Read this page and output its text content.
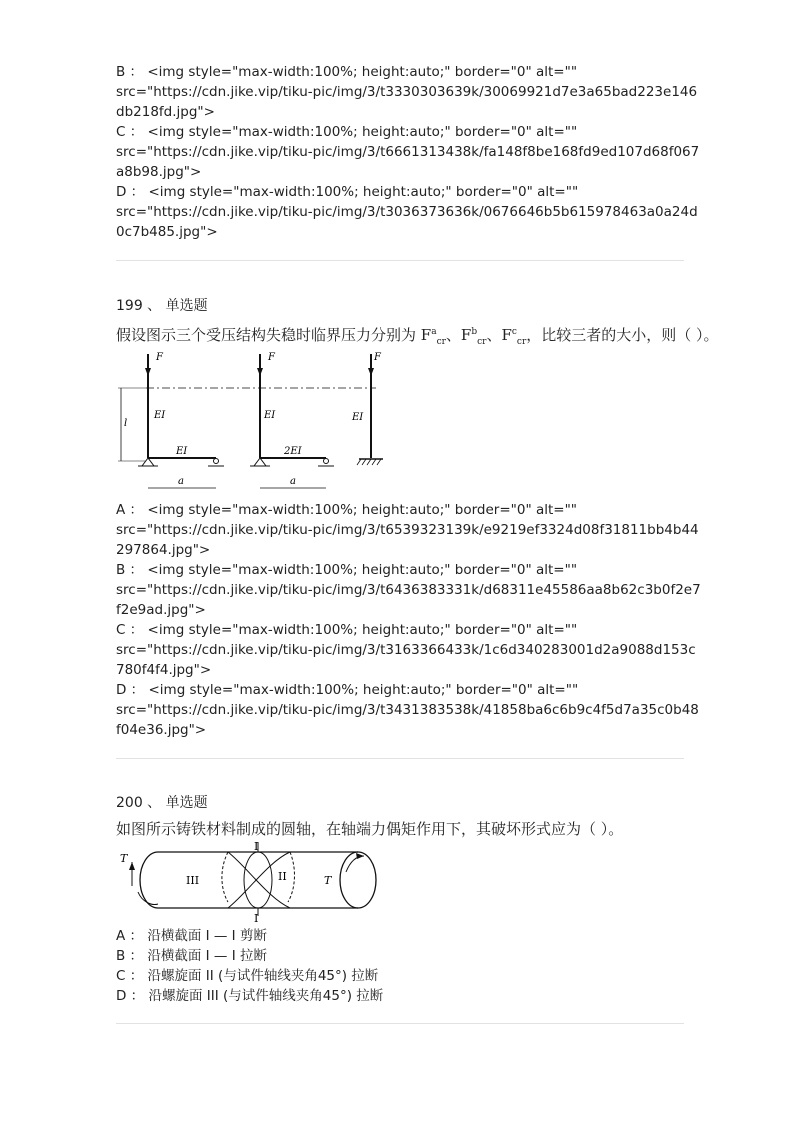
B ： <img style="max-width:100%; height:auto;" border="0" alt=""
src="https://cdn.jike.vip/tiku-pic/img/3/t3330303639k/30069921d7e3a65bad223e146
db218fd.jpg">
C ： <img style="max-width:100%; height:auto;" border="0" alt=""
src="https://cdn.jike.vip/tiku-pic/img/3/t6661313438k/fa148f8be168fd9ed107d68f067
a8b98.jpg">
D ： <img style="max-width:100%; height:auto;" border="0" alt=""
src="https://cdn.jike.vip/tiku-pic/img/3/t3036373636k/0676646b5b615978463a0a24d
0c7b485.jpg">
199 、 单选题
假设图示三个受压结构失稳时临界压力分别为 $F^a_{cr}$、$F^b_{cr}$、$F^c_{cr}$，比较三者的大小，则（ ）。
l
F
EI
EI
a
F
EI
2EI
a
F
EI
A ： <img style="max-width:100%; height:auto;" border="0" alt=""
src="https://cdn.jike.vip/tiku-pic/img/3/t6539323139k/e9219ef3324d08f31811bb4b44
297864.jpg">
B ： <img style="max-width:100%; height:auto;" border="0" alt=""
src="https://cdn.jike.vip/tiku-pic/img/3/t6436383331k/d68311e45586aa8b62c3b0f2e7
f2e9ad.jpg">
C ： <img style="max-width:100%; height:auto;" border="0" alt=""
src="https://cdn.jike.vip/tiku-pic/img/3/t3163366433k/1c6d340283001d2a9088d153c
780f4f4.jpg">
D ： <img style="max-width:100%; height:auto;" border="0" alt=""
src="https://cdn.jike.vip/tiku-pic/img/3/t3431383538k/41858ba6c6b9c4f5d7a35c0b48
f04e36.jpg">
200 、 单选题
如图所示铸铁材料制成的圆轴，在轴端力偶矩作用下，其破坏形式应为（ ）。
I
I
II
III
T
T
A ： 沿横截面 I — I 剪断
B ： 沿横截面 I — I 拉断
C ： 沿螺旋面 II (与试件轴线夹角45°) 拉断
D ： 沿螺旋面 III (与试件轴线夹角45°) 拉断
